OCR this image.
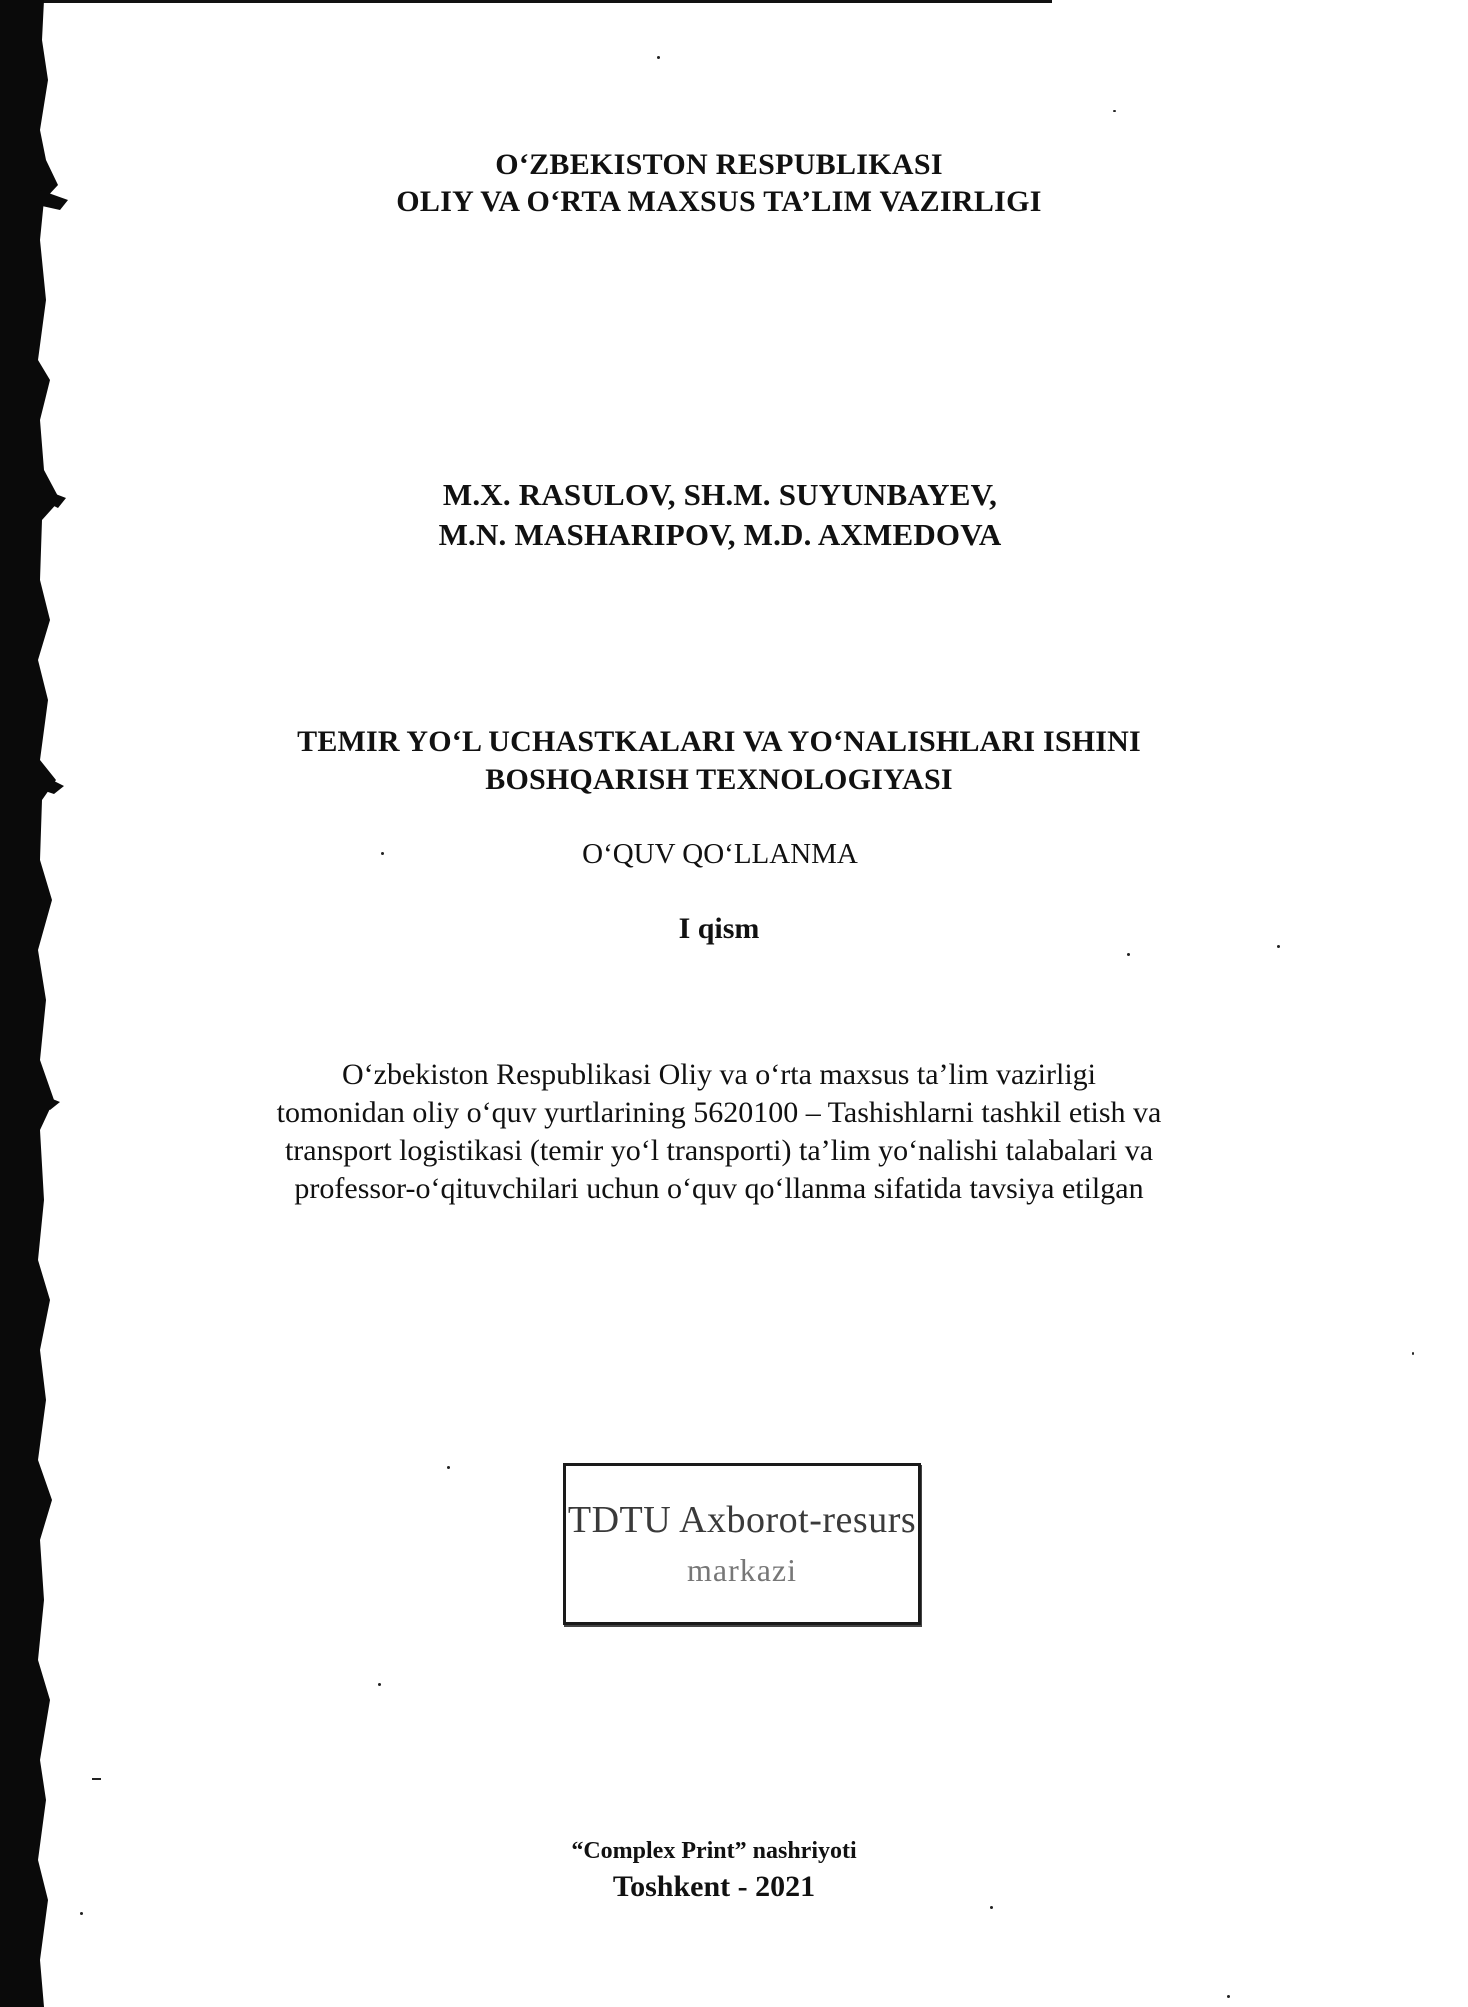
O‘ZBEKISTON RESPUBLIKASI
OLIY VA O‘RTA MAXSUS TA’LIM VAZIRLIGI
M.X. RASULOV, SH.M. SUYUNBAYEV,
M.N. MASHARIPOV, M.D. AXMEDOVA
TEMIR YO‘L UCHASTKALARI VA YO‘NALISHLARI ISHINI
BOSHQARISH TEXNOLOGIYASI
O‘QUV QO‘LLANMA
I qism
O‘zbekiston Respublikasi Oliy va o‘rta maxsus ta’lim vazirligi
tomonidan oliy o‘quv yurtlarining 5620100 – Tashishlarni tashkil etish va
transport logistikasi (temir yo‘l transporti) ta’lim yo‘nalishi talabalari va
professor-o‘qituvchilari uchun o‘quv qo‘llanma sifatida tavsiya etilgan
TDTU Axborot-resurs
markazi
“Complex Print” nashriyoti
Toshkent - 2021
